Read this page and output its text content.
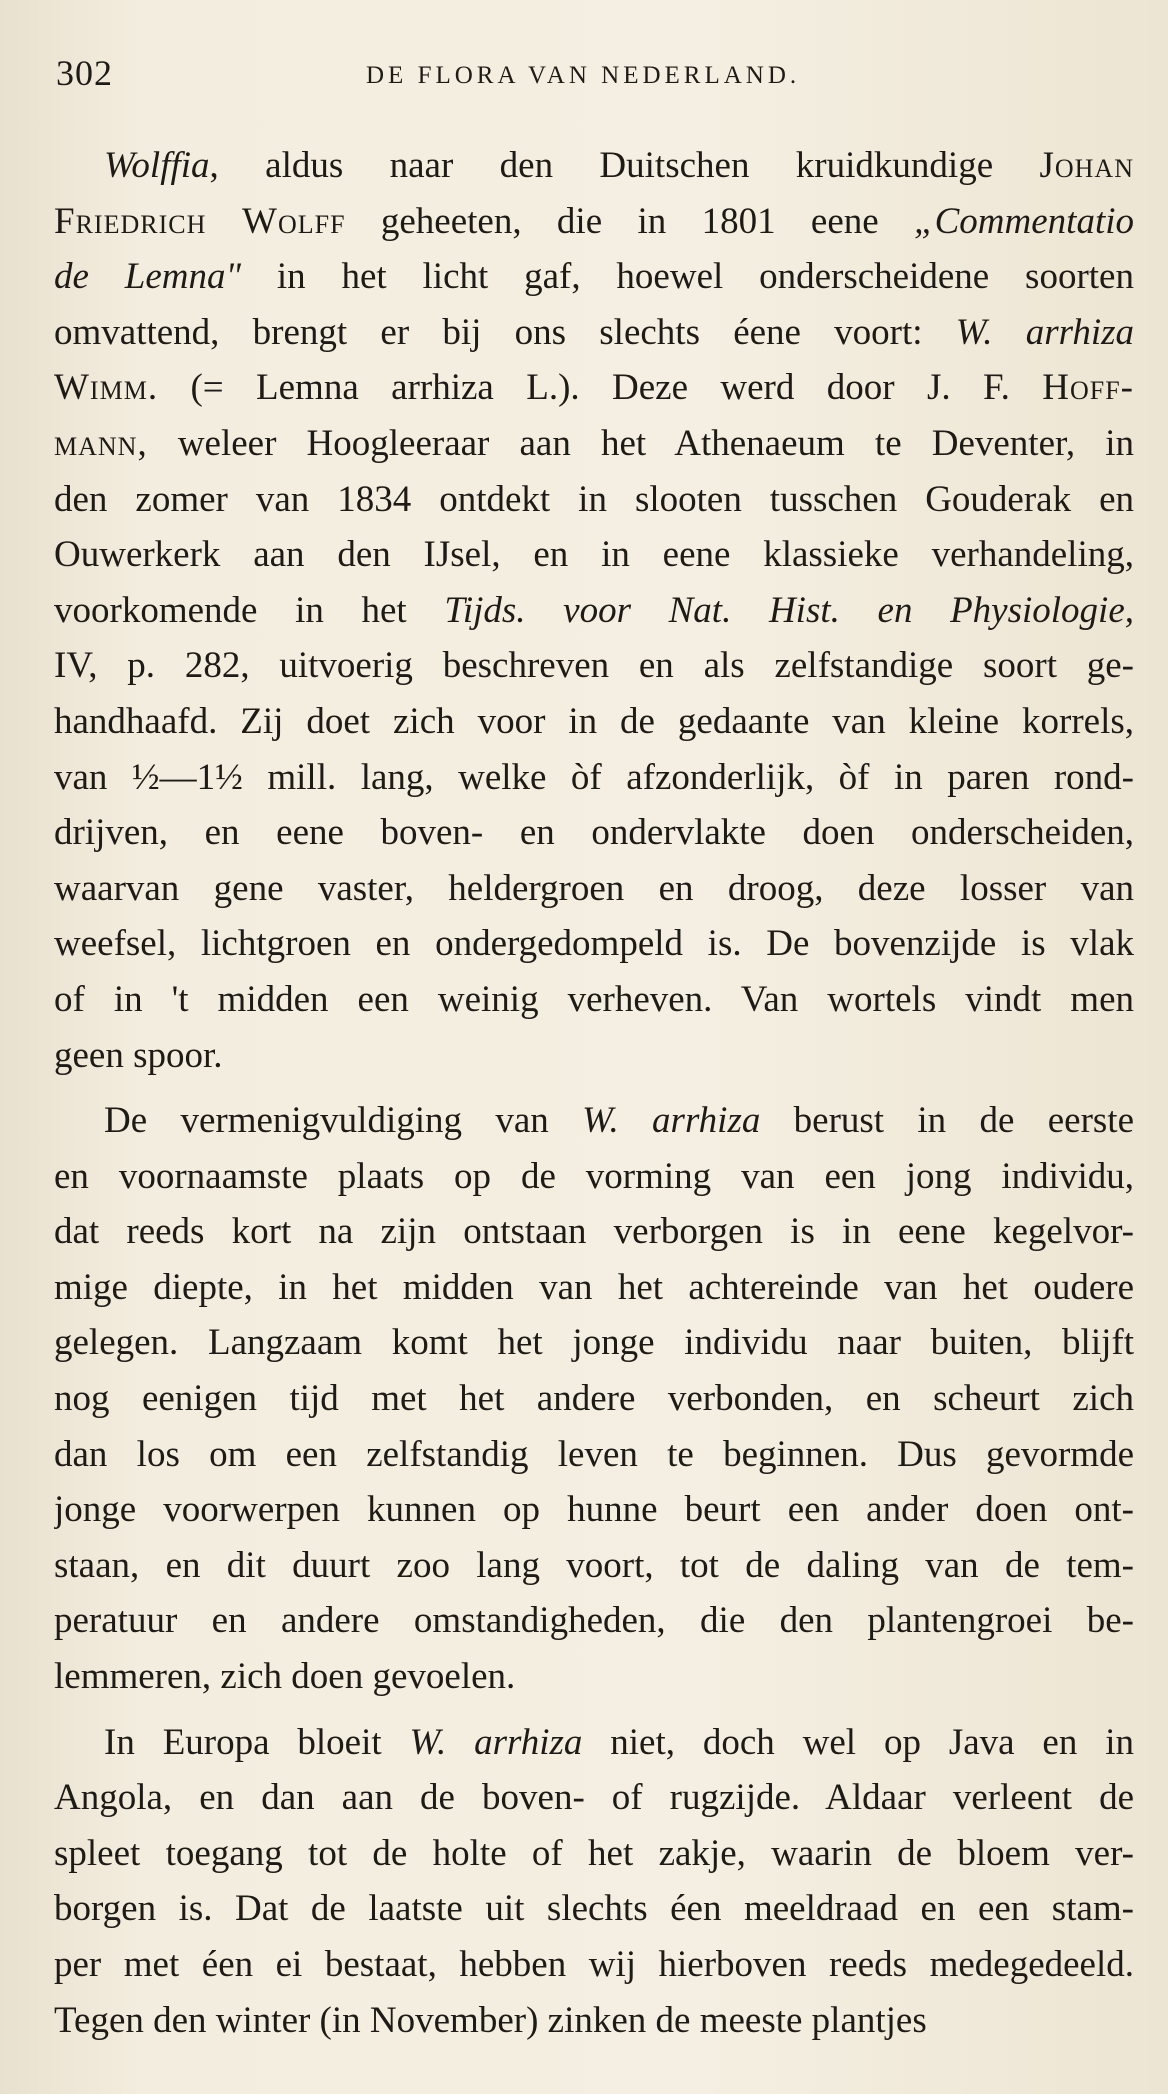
302	DE FLORA VAN NEDERLAND.
Wolffia, aldus naar den Duitschen kruidkundige Johan
Friedrich Wolff geheeten, die in 1801 eene „Commentatio
de Lemna" in het licht gaf, hoewel onderscheidene soorten
omvattend, brengt er bij ons slechts éene voort: W. arrhiza
Wimm. (= Lemna arrhiza L.). Deze werd door J. F. Hoff-
mann, weleer Hoogleeraar aan het Athenaeum te Deventer, in
den zomer van 1834 ontdekt in slooten tusschen Gouderak en
Ouwerkerk aan den IJsel, en in eene klassieke verhandeling,
voorkomende in het Tijds. voor Nat. Hist. en Physiologie,
IV, p. 282, uitvoerig beschreven en als zelfstandige soort ge-
handhaafd. Zij doet zich voor in de gedaante van kleine korrels,
van ½—1½ mill. lang, welke òf afzonderlijk, òf in paren rond-
drijven, en eene boven- en ondervlakte doen onderscheiden,
waarvan gene vaster, heldergroen en droog, deze losser van
weefsel, lichtgroen en ondergedompeld is. De bovenzijde is vlak
of in 't midden een weinig verheven. Van wortels vindt men
geen spoor.
De vermenigvuldiging van W. arrhiza berust in de eerste
en voornaamste plaats op de vorming van een jong individu,
dat reeds kort na zijn ontstaan verborgen is in eene kegelvor-
mige diepte, in het midden van het achtereinde van het oudere
gelegen. Langzaam komt het jonge individu naar buiten, blijft
nog eenigen tijd met het andere verbonden, en scheurt zich
dan los om een zelfstandig leven te beginnen. Dus gevormde
jonge voorwerpen kunnen op hunne beurt een ander doen ont-
staan, en dit duurt zoo lang voort, tot de daling van de tem-
peratuur en andere omstandigheden, die den plantengroei be-
lemmeren, zich doen gevoelen.
In Europa bloeit W. arrhiza niet, doch wel op Java en in
Angola, en dan aan de boven- of rugzijde. Aldaar verleent de
spleet toegang tot de holte of het zakje, waarin de bloem ver-
borgen is. Dat de laatste uit slechts éen meeldraad en een stam-
per met éen ei bestaat, hebben wij hierboven reeds medegedeeld.
Tegen den winter (in November) zinken de meeste plantjes
